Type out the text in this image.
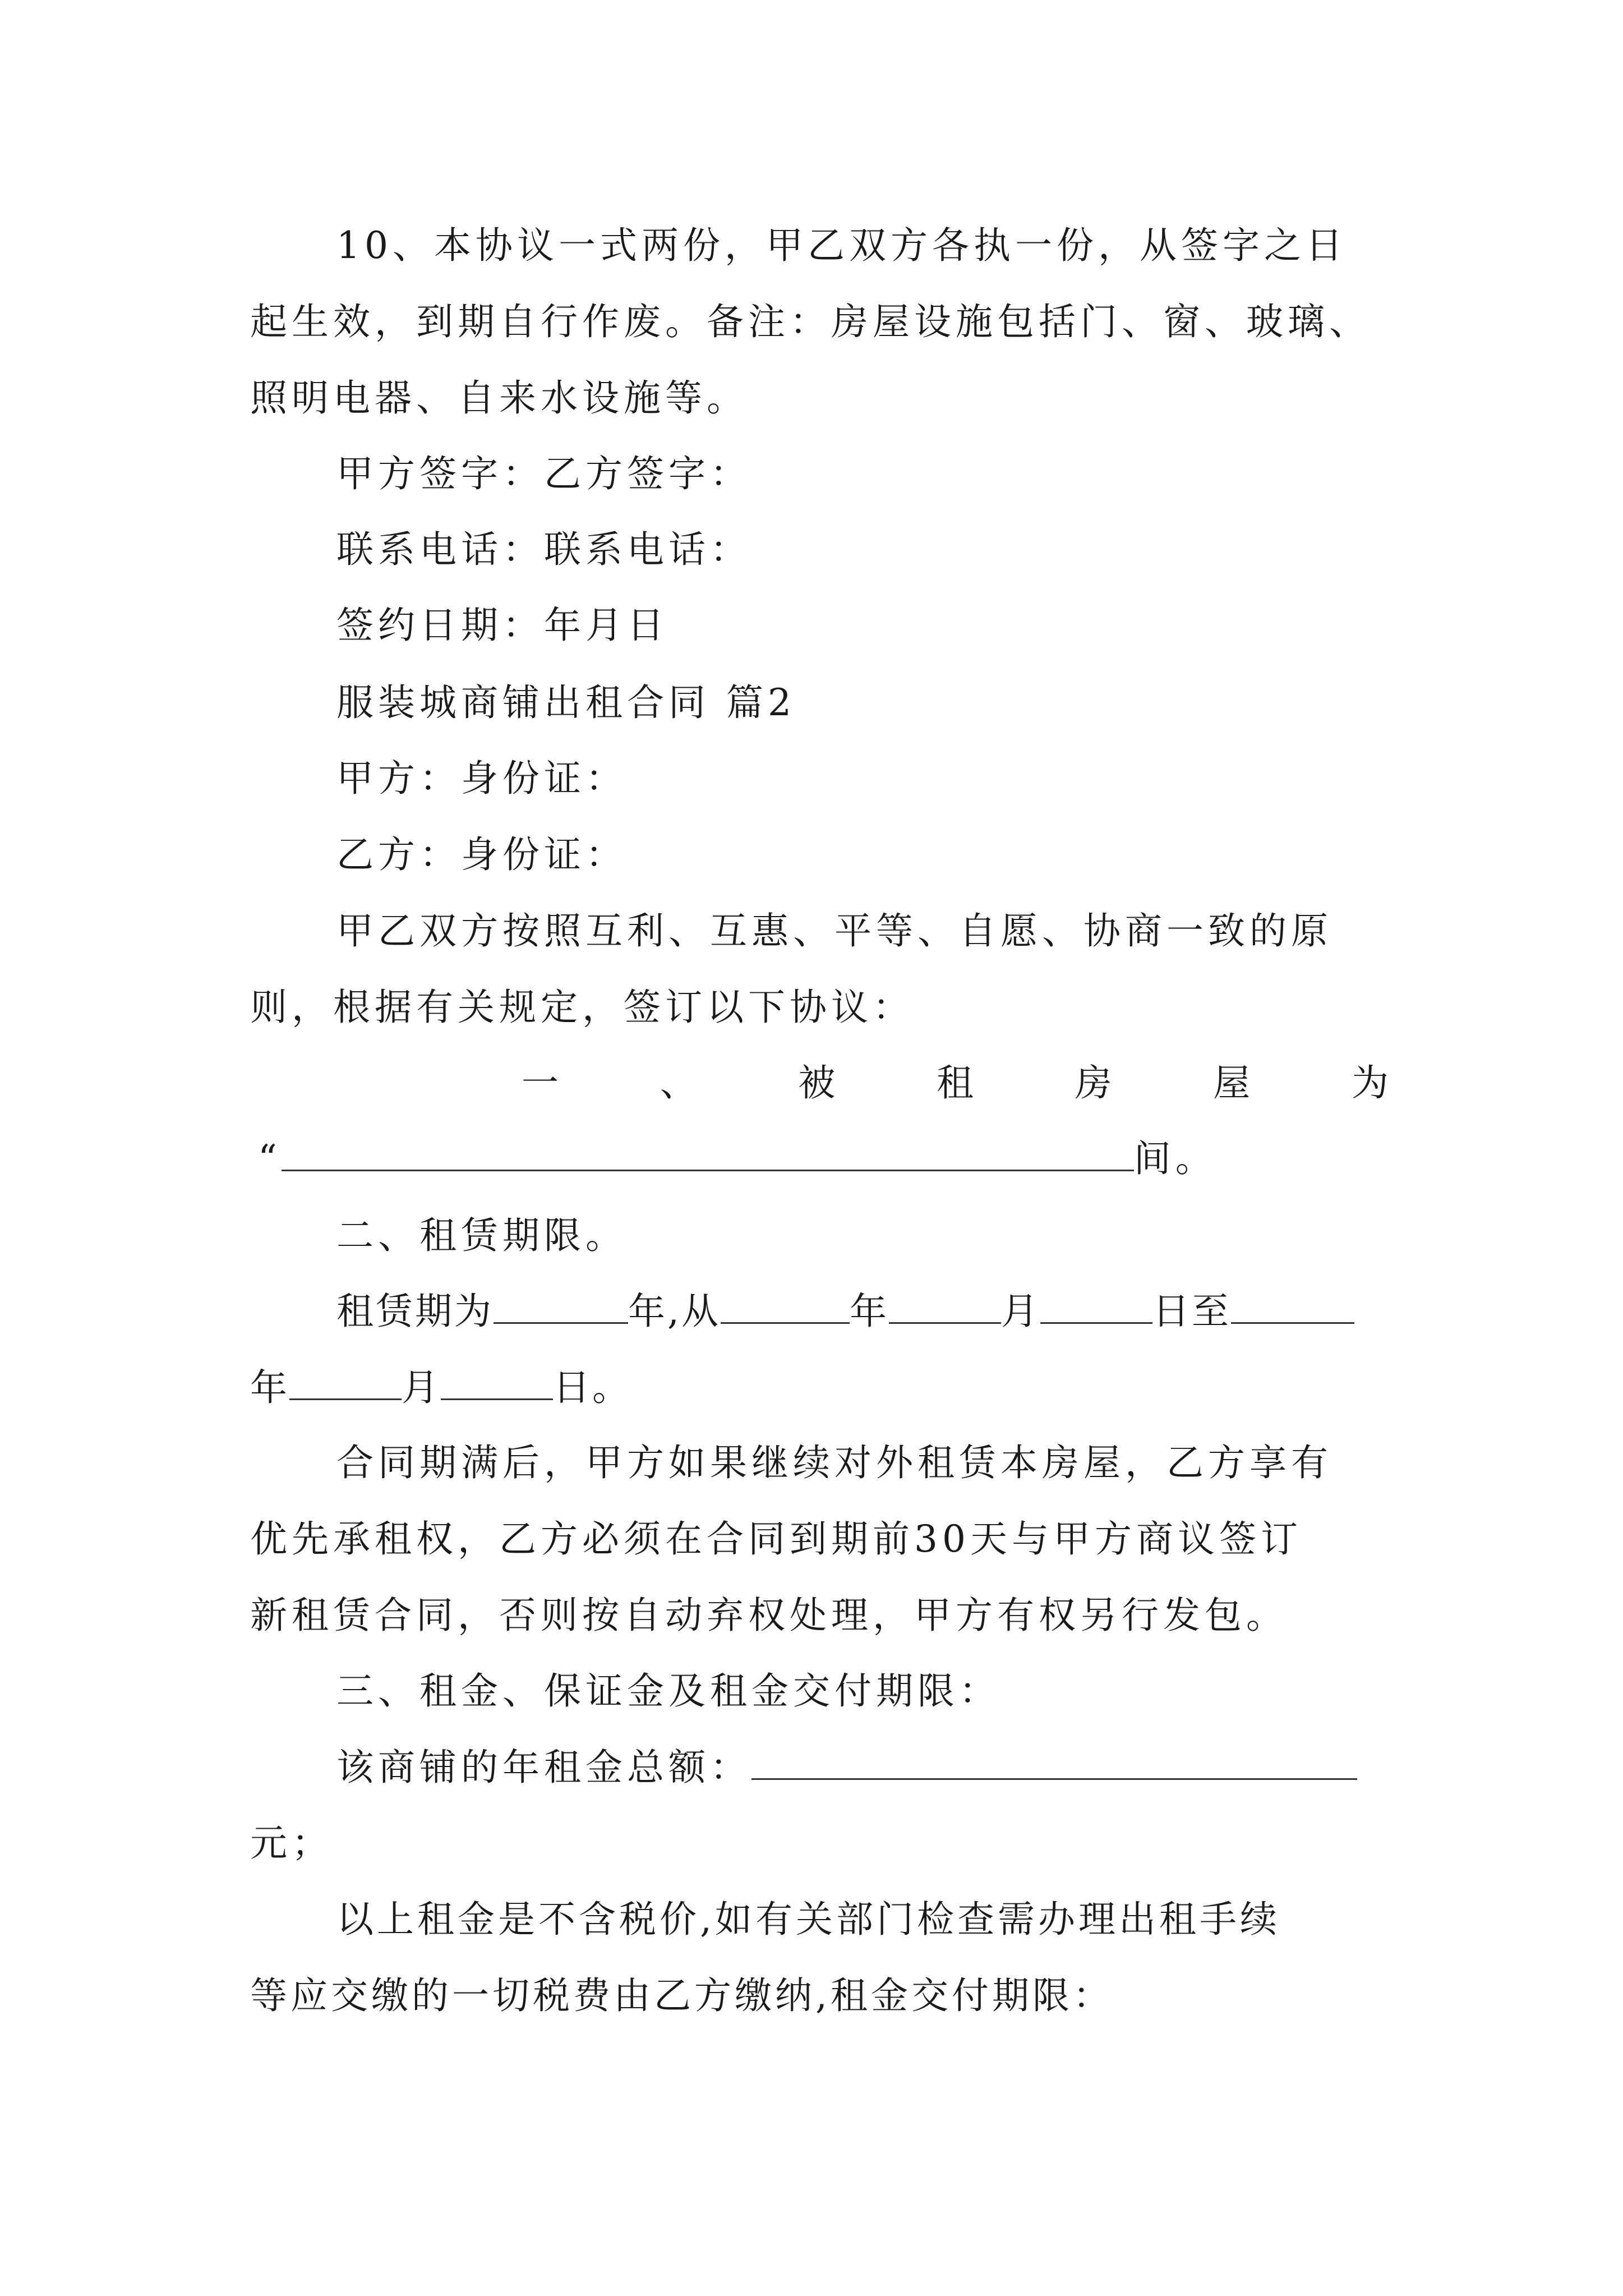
10、本协议一式两份，甲乙双方各执一份，从签字之日
起生效，到期自行作废。备注：房屋设施包括门、窗、玻璃、
照明电器、自来水设施等。
甲方签字：乙方签字：
联系电话：联系电话：
签约日期：年月日
服装城商铺出租合同 篇2
甲方：身份证：
乙方：身份证：
甲乙双方按照互利、互惠、平等、自愿、协商一致的原
则，根据有关规定，签订以下协议：
一	、	被	租	房	屋	为
“	间。
二、租赁期限。
租赁期为	年,从	年	月	日至
年	月	日。
合同期满后，甲方如果继续对外租赁本房屋，乙方享有
优先承租权，乙方必须在合同到期前30天与甲方商议签订
新租赁合同，否则按自动弃权处理，甲方有权另行发包。
三、租金、保证金及租金交付期限：
该商铺的年租金总额：
元；
以上租金是不含税价,如有关部门检查需办理出租手续
等应交缴的一切税费由乙方缴纳,租金交付期限：
